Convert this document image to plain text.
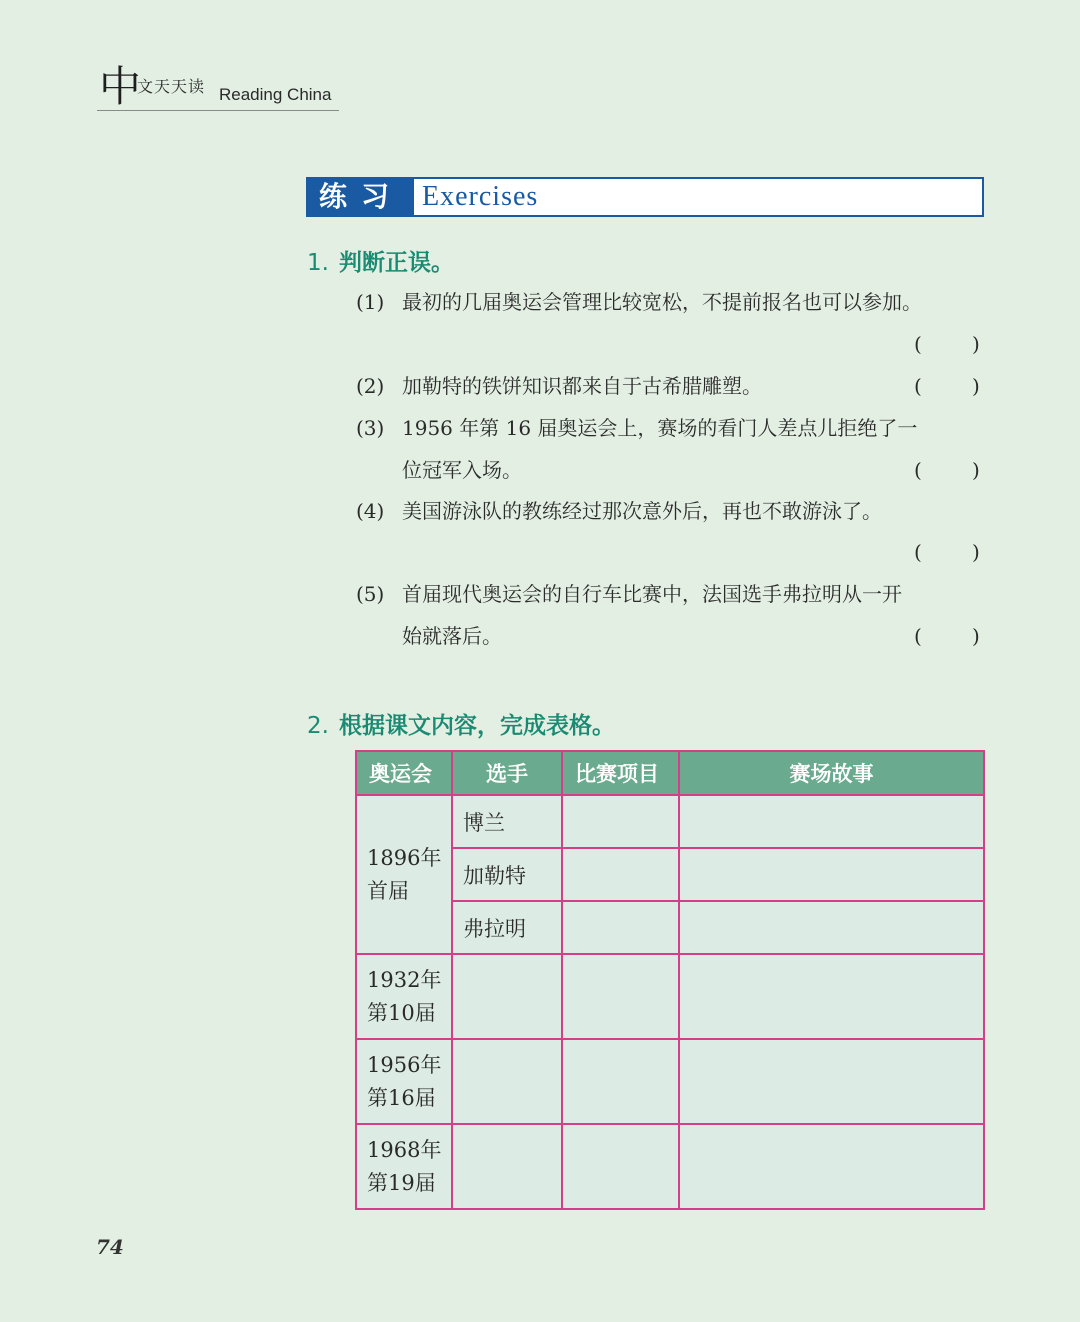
中
文天天读 Reading China
练习 Exercises
1. 判断正误。
(1) 最初的几届奥运会管理比较宽松，不提前报名也可以参加。
(	)
(2) 加勒特的铁饼知识都来自于古希腊雕塑。	(	)
(3) 1956 年第 16 届奥运会上，赛场的看门人差点儿拒绝了一
位冠军入场。	(	)
(4) 美国游泳队的教练经过那次意外后，再也不敢游泳了。
(	)
(5) 首届现代奥运会的自行车比赛中，法国选手弗拉明从一开
始就落后。	(	)
2. 根据课文内容，完成表格。
奥运会	选手	比赛项目	赛场故事

1896年
首届	博兰		
	加勒特		
	弗拉明		

1932年
第10届			

1956年
第16届			

1968年
第19届			

74
